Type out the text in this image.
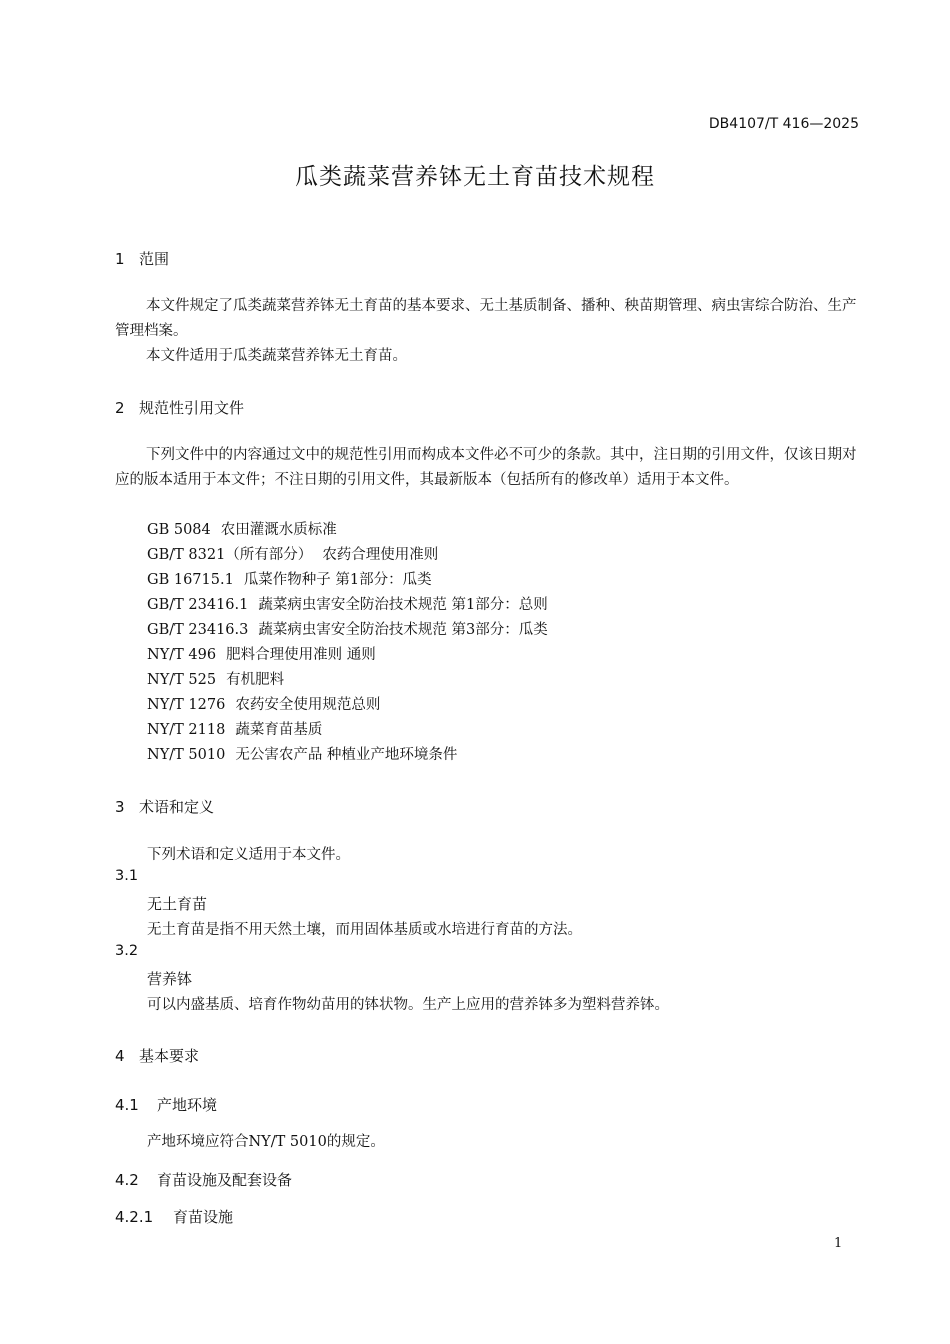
DB4107/T 416—2025
瓜类蔬菜营养钵无土育苗技术规程
1 范围
本文件规定了瓜类蔬菜营养钵无土育苗的基本要求、无土基质制备、播种、秧苗期管理、病虫害综合防治、生产管理档案。
本文件适用于瓜类蔬菜营养钵无土育苗。
2 规范性引用文件
下列文件中的内容通过文中的规范性引用而构成本文件必不可少的条款。其中，注日期的引用文件，仅该日期对应的版本适用于本文件；不注日期的引用文件，其最新版本（包括所有的修改单）适用于本文件。
GB 5084 农田灌溉水质标准
GB/T 8321（所有部分） 农药合理使用准则
GB 16715.1 瓜菜作物种子 第1部分：瓜类
GB/T 23416.1 蔬菜病虫害安全防治技术规范 第1部分：总则
GB/T 23416.3 蔬菜病虫害安全防治技术规范 第3部分：瓜类
NY/T 496 肥料合理使用准则 通则
NY/T 525 有机肥料
NY/T 1276 农药安全使用规范总则
NY/T 2118 蔬菜育苗基质
NY/T 5010 无公害农产品 种植业产地环境条件
3 术语和定义
下列术语和定义适用于本文件。
3.1
无土育苗
无土育苗是指不用天然土壤，而用固体基质或水培进行育苗的方法。
3.2
营养钵
可以内盛基质、培育作物幼苗用的钵状物。生产上应用的营养钵多为塑料营养钵。
4 基本要求
4.1 产地环境
产地环境应符合NY/T 5010的规定。
4.2 育苗设施及配套设备
4.2.1 育苗设施
1
